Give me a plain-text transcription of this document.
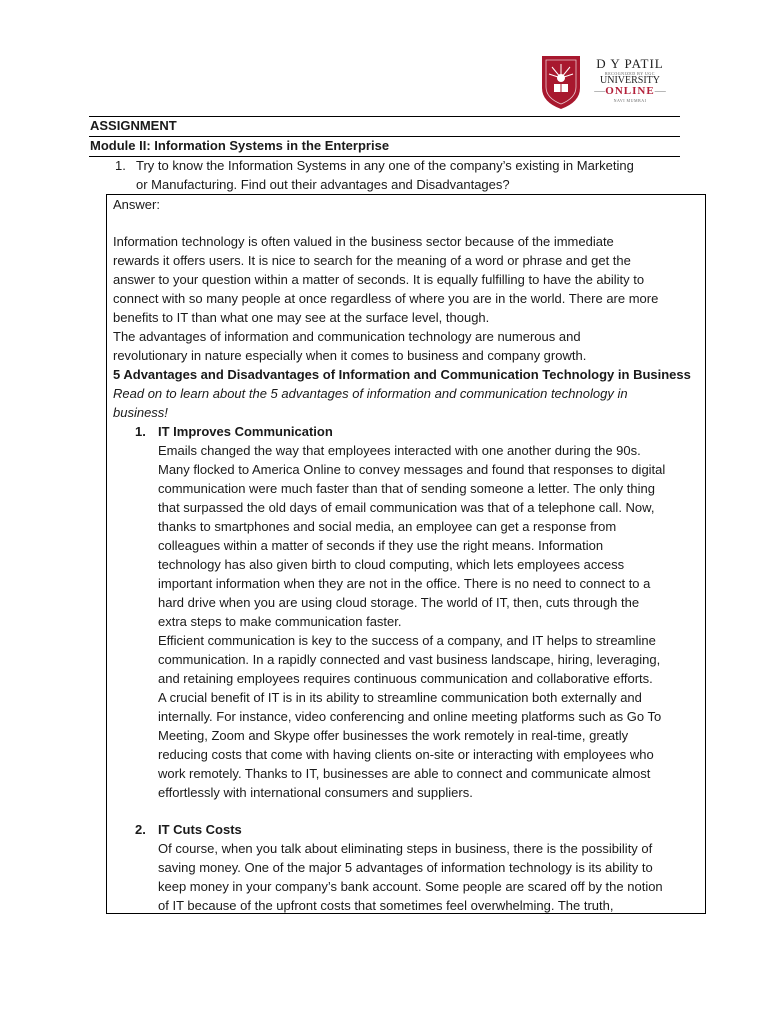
D Y PATIL
RECOGNIZED BY UGC
UNIVERSITY
—ONLINE—
NAVI MUMBAI
ASSIGNMENT
Module II: Information Systems in the Enterprise
1. Try to know the Information Systems in any one of the company’s existing in Marketing
or Manufacturing. Find out their advantages and Disadvantages?
Answer:
Information technology is often valued in the business sector because of the immediate
rewards it offers users. It is nice to search for the meaning of a word or phrase and get the
answer to your question within a matter of seconds. It is equally fulfilling to have the ability to
connect with so many people at once regardless of where you are in the world. There are more
benefits to IT than what one may see at the surface level, though.
The advantages of information and communication technology are numerous and
revolutionary in nature especially when it comes to business and company growth.
5 Advantages and Disadvantages of Information and Communication Technology in Business
Read on to learn about the 5 advantages of information and communication technology in
business!
1. IT Improves Communication
Emails changed the way that employees interacted with one another during the 90s.
Many flocked to America Online to convey messages and found that responses to digital
communication were much faster than that of sending someone a letter. The only thing
that surpassed the old days of email communication was that of a telephone call. Now,
thanks to smartphones and social media, an employee can get a response from
colleagues within a matter of seconds if they use the right means. Information
technology has also given birth to cloud computing, which lets employees access
important information when they are not in the office. There is no need to connect to a
hard drive when you are using cloud storage. The world of IT, then, cuts through the
extra steps to make communication faster.
Efficient communication is key to the success of a company, and IT helps to streamline
communication. In a rapidly connected and vast business landscape, hiring, leveraging,
and retaining employees requires continuous communication and collaborative efforts.
A crucial benefit of IT is in its ability to streamline communication both externally and
internally. For instance, video conferencing and online meeting platforms such as Go To
Meeting, Zoom and Skype offer businesses the work remotely in real-time, greatly
reducing costs that come with having clients on-site or interacting with employees who
work remotely. Thanks to IT, businesses are able to connect and communicate almost
effortlessly with international consumers and suppliers.
2. IT Cuts Costs
Of course, when you talk about eliminating steps in business, there is the possibility of
saving money. One of the major 5 advantages of information technology is its ability to
keep money in your company’s bank account. Some people are scared off by the notion
of IT because of the upfront costs that sometimes feel overwhelming. The truth,
